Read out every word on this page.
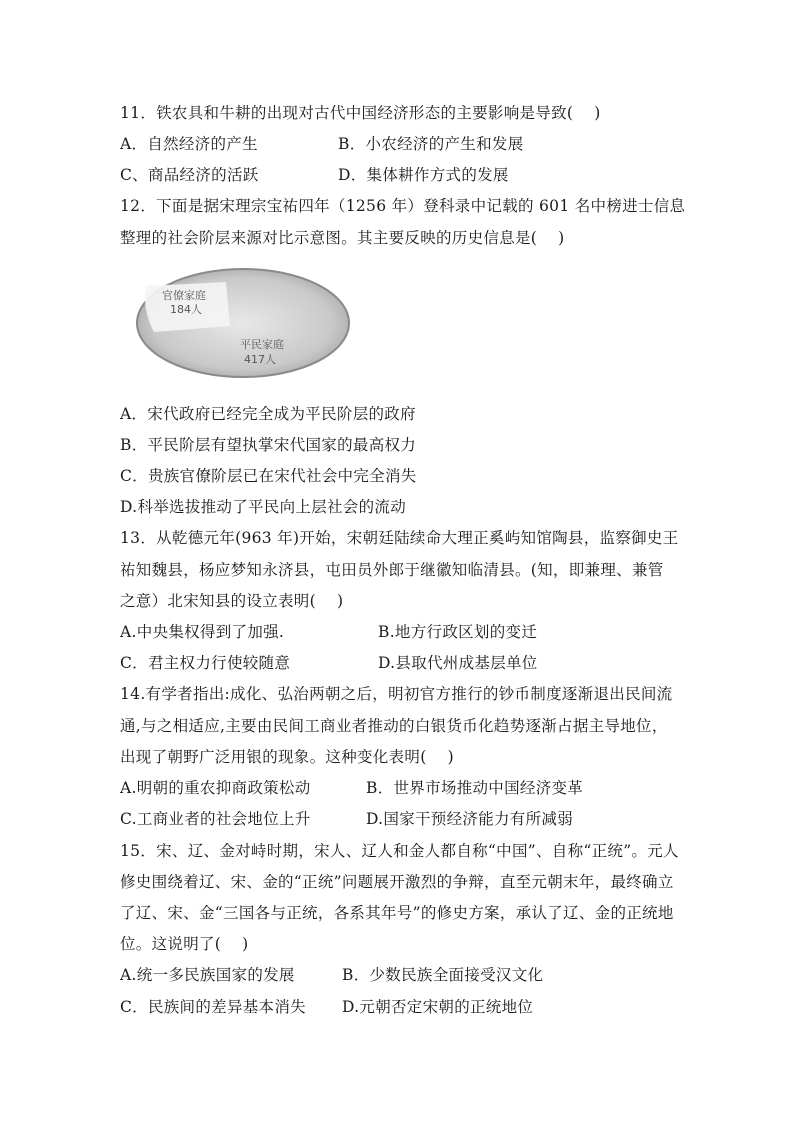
11．铁农具和牛耕的出现对古代中国经济形态的主要影响是导致(　 )
A．自然经济的产生	B．小农经济的产生和发展
C、商品经济的活跃	D．集体耕作方式的发展
12．下面是据宋理宗宝祐四年（1256 年）登科录中记载的 601 名中榜进士信息
整理的社会阶层来源对比示意图。其主要反映的历史信息是(　 )
官僚家庭
184人
平民家庭
417人
A．宋代政府已经完全成为平民阶层的政府
B．平民阶层有望执掌宋代国家的最高权力
C．贵族官僚阶层已在宋代社会中完全消失
D.科举选拔推动了平民向上层社会的流动
13．从乾德元年(963 年)开始，宋朝廷陆续命大理正奚屿知馆陶县，监察御史王
祐知魏县，杨应梦知永济县，屯田员外郎于继徽知临清县。(知，即兼理、兼管
之意）北宋知县的设立表明(　 )
A.中央集权得到了加强.	B.地方行政区划的变迁
C．君主权力行使较随意	D.县取代州成基层单位
14.有学者指出:成化、弘治两朝之后，明初官方推行的钞币制度逐渐退出民间流
通,与之相适应,主要由民间工商业者推动的白银货币化趋势逐渐占据主导地位，
出现了朝野广泛用银的现象。这种变化表明(　 )
A.明朝的重农抑商政策松动	B．世界市场推动中国经济变革
C.工商业者的社会地位上升	D.国家干预经济能力有所减弱
15．宋、辽、金对峙时期，宋人、辽人和金人都自称“中国”、自称“正统”。元人
修史围绕着辽、宋、金的“正统”问题展开激烈的争辩，直至元朝末年，最终确立
了辽、宋、金“三国各与正统，各系其年号”的修史方案，承认了辽、金的正统地
位。这说明了(　 )
A.统一多民族国家的发展	B．少数民族全面接受汉文化
C．民族间的差异基本消失 D.元朝否定宋朝的正统地位
